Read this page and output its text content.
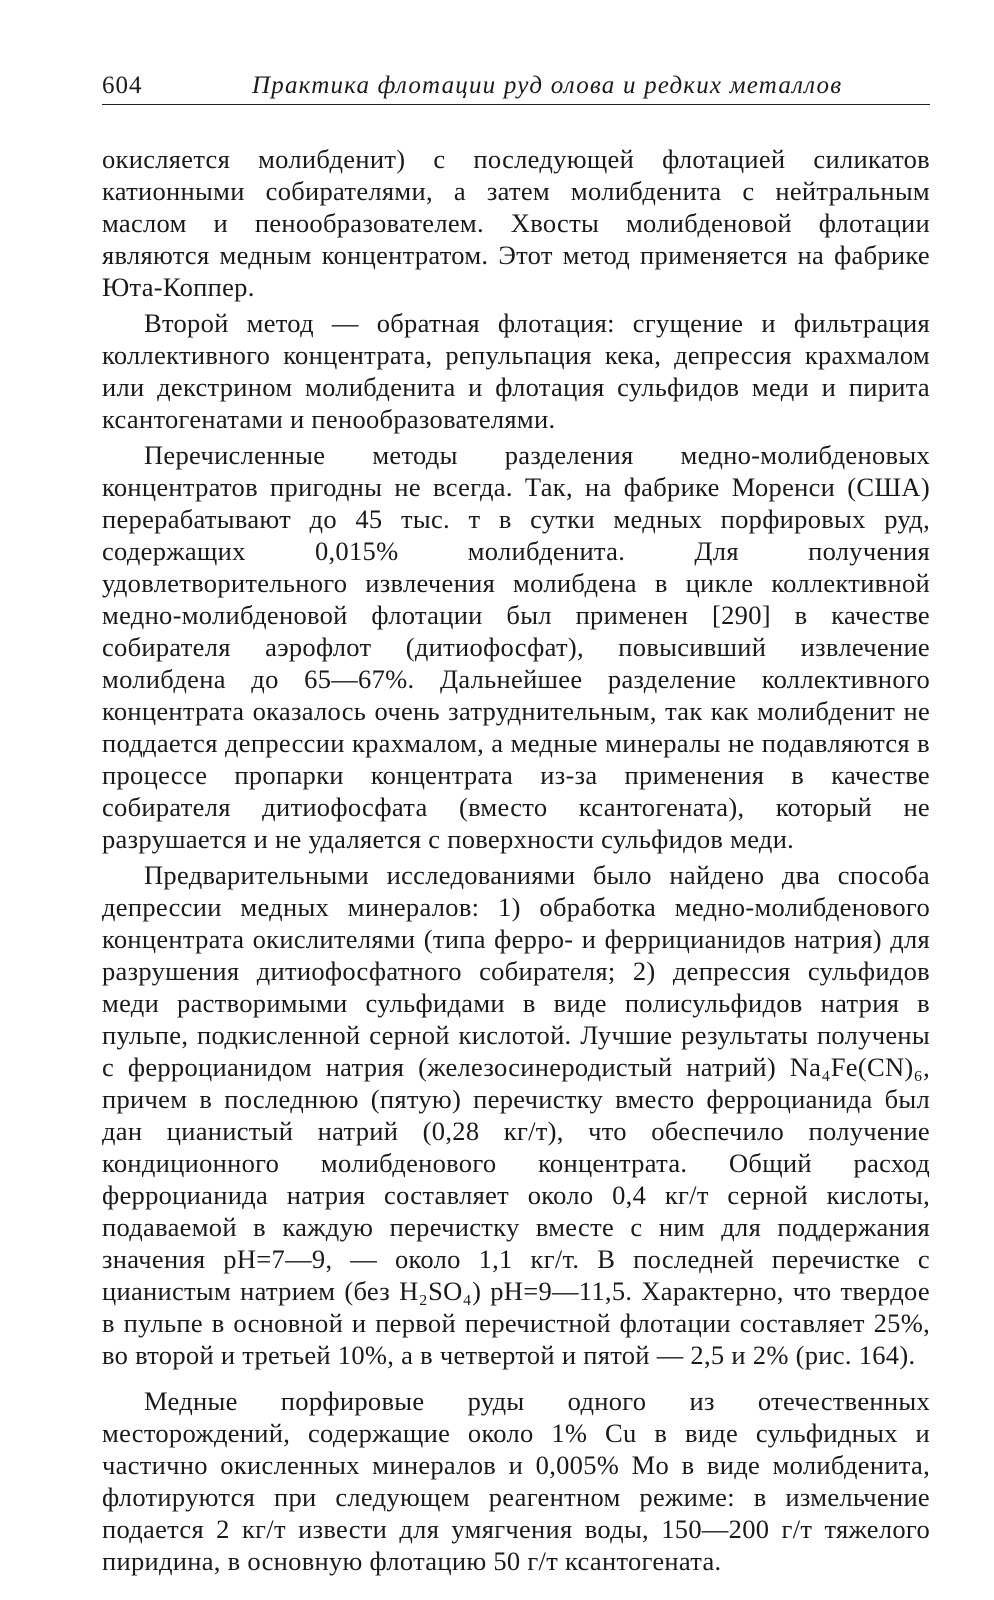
604	Практика флотации руд олова и редких металлов

окисляется молибденит) с последующей флотацией силикатов катионными собирателями, а затем молибденита с нейтральным маслом и пенообразователем. Хвосты молибденовой флотации являются медным концентратом. Этот метод применяется на фабрике Юта-Коппер.

Второй метод — обратная флотация: сгущение и фильтрация коллективного концентрата, репульпация кека, депрессия крахмалом или декстрином молибденита и флотация сульфидов меди и пирита ксантогенатами и пенообразователями.

Перечисленные методы разделения медно-молибденовых концентратов пригодны не всегда. Так, на фабрике Моренси (США) перерабатывают до 45 тыс. т в сутки медных порфировых руд, содержащих 0,015% молибденита. Для получения удовлетворительного извлечения молибдена в цикле коллективной медно-молибденовой флотации был применен [290] в качестве собирателя аэрофлот (дитиофосфат), повысивший извлечение молибдена до 65—67%. Дальнейшее разделение коллективного концентрата оказалось очень затруднительным, так как молибденит не поддается депрессии крахмалом, а медные минералы не подавляются в процессе пропарки концентрата из-за применения в качестве собирателя дитиофосфата (вместо ксантогената), который не разрушается и не удаляется с поверхности сульфидов меди.

Предварительными исследованиями было найдено два способа депрессии медных минералов: 1) обработка медно-молибденового концентрата окислителями (типа ферро- и феррицианидов натрия) для разрушения дитиофосфатного собирателя; 2) депрессия сульфидов меди растворимыми сульфидами в виде полисульфидов натрия в пульпе, подкисленной серной кислотой. Лучшие результаты получены с ферроцианидом натрия (железосинеродистый натрий) Na₄Fe(CN)₆, причем в последнюю (пятую) перечистку вместо ферроцианида был дан цианистый натрий (0,28 кг/т), что обеспечило получение кондиционного молибденового концентрата. Общий расход ферроцианида натрия составляет около 0,4 кг/т серной кислоты, подаваемой в каждую перечистку вместе с ним для поддержания значения pH=7—9, — около 1,1 кг/т. В последней перечистке с цианистым натрием (без H₂SO₄) pH=9—11,5. Характерно, что твердое в пульпе в основной и первой перечистной флотации составляет 25%, во второй и третьей 10%, а в четвертой и пятой — 2,5 и 2% (рис. 164).

Медные порфировые руды одного из отечественных месторождений, содержащие около 1% Cu в виде сульфидных и частично окисленных минералов и 0,005% Mo в виде молибденита, флотируются при следующем реагентном режиме: в измельчение подается 2 кг/т извести для умягчения воды, 150—200 г/т тяжелого пиридина, в основную флотацию 50 г/т ксантогената.
